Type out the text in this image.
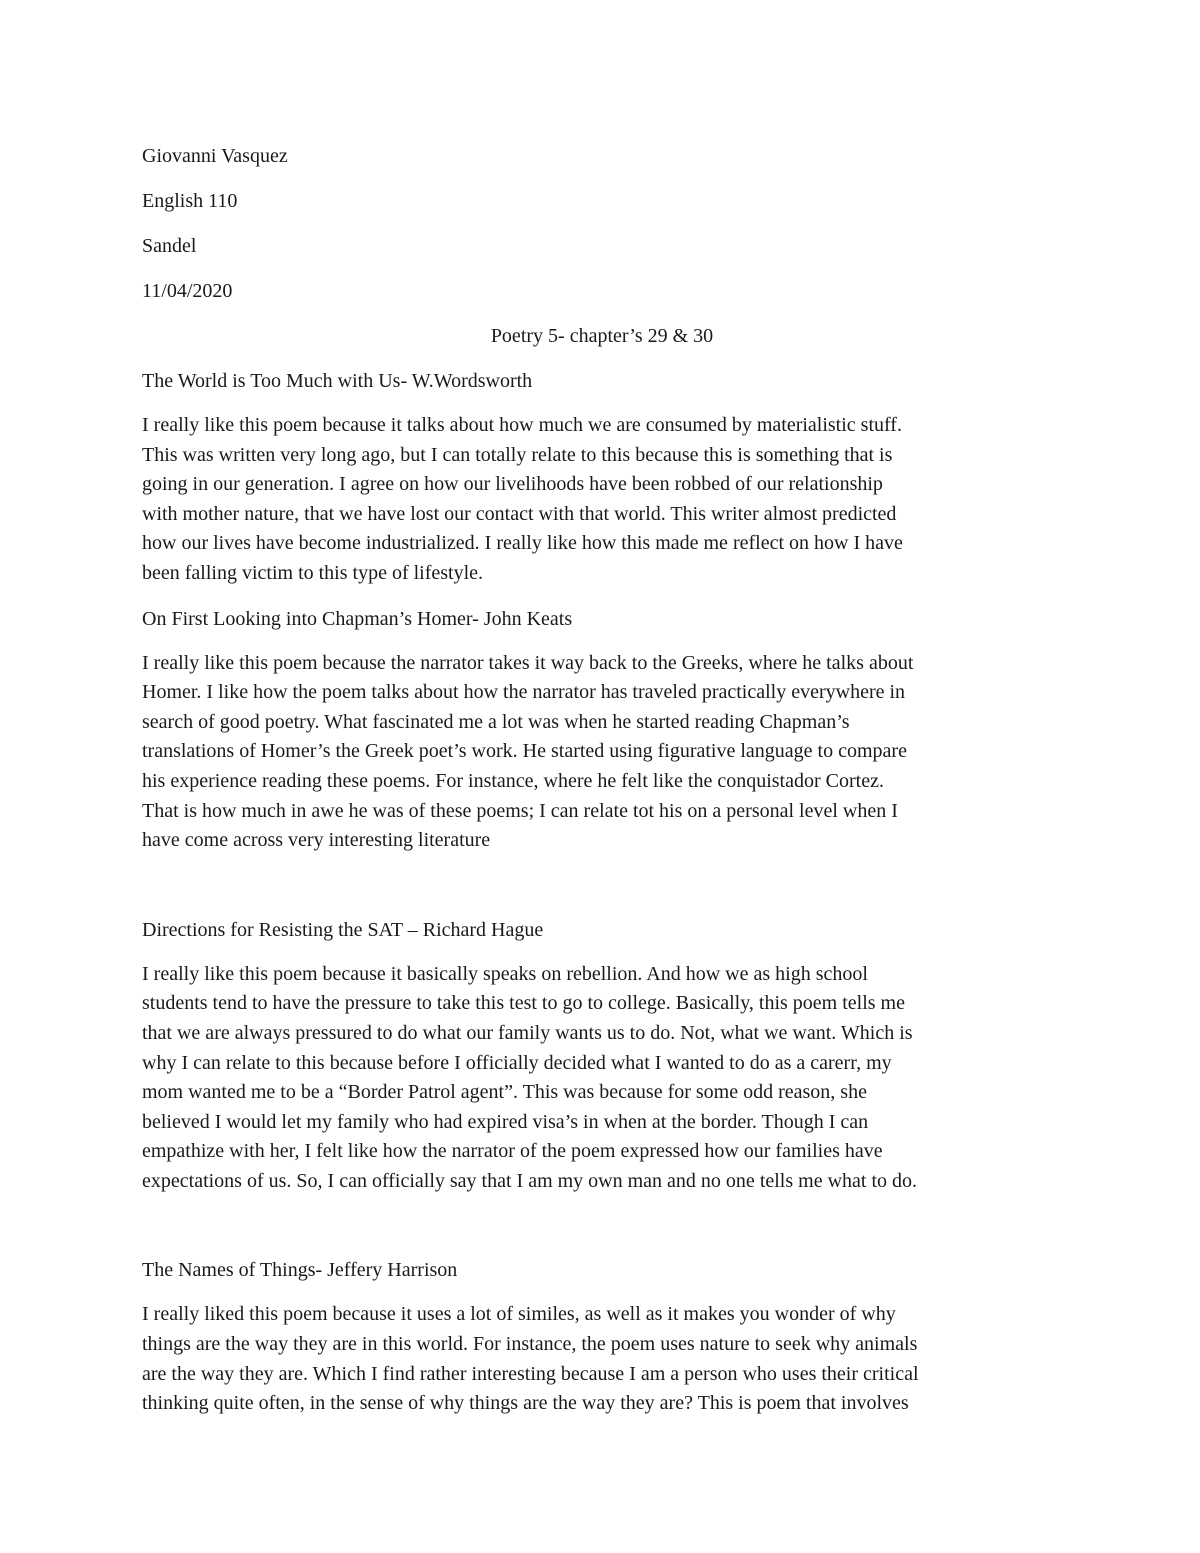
Giovanni Vasquez

English 110

Sandel

11/04/2020

Poetry 5- chapter’s 29 & 30

The World is Too Much with Us- W.Wordsworth

I really like this poem because it talks about how much we are consumed by materialistic stuff.
This was written very long ago, but I can totally relate to this because this is something that is
going in our generation. I agree on how our livelihoods have been robbed of our relationship
with mother nature, that we have lost our contact with that world. This writer almost predicted
how our lives have become industrialized. I really like how this made me reflect on how I have
been falling victim to this type of lifestyle.

On First Looking into Chapman’s Homer- John Keats

I really like this poem because the narrator takes it way back to the Greeks, where he talks about
Homer. I like how the poem talks about how the narrator has traveled practically everywhere in
search of good poetry. What fascinated me a lot was when he started reading Chapman’s
translations of Homer’s the Greek poet’s work. He started using figurative language to compare
his experience reading these poems. For instance, where he felt like the conquistador Cortez.
That is how much in awe he was of these poems; I can relate tot his on a personal level when I
have come across very interesting literature

Directions for Resisting the SAT – Richard Hague

I really like this poem because it basically speaks on rebellion. And how we as high school
students tend to have the pressure to take this test to go to college. Basically, this poem tells me
that we are always pressured to do what our family wants us to do. Not, what we want. Which is
why I can relate to this because before I officially decided what I wanted to do as a carerr, my
mom wanted me to be a “Border Patrol agent”. This was because for some odd reason, she
believed I would let my family who had expired visa’s in when at the border. Though I can
empathize with her, I felt like how the narrator of the poem expressed how our families have
expectations of us. So, I can officially say that I am my own man and no one tells me what to do.

The Names of Things- Jeffery Harrison

I really liked this poem because it uses a lot of similes, as well as it makes you wonder of why
things are the way they are in this world. For instance, the poem uses nature to seek why animals
are the way they are. Which I find rather interesting because I am a person who uses their critical
thinking quite often, in the sense of why things are the way they are? This is poem that involves
